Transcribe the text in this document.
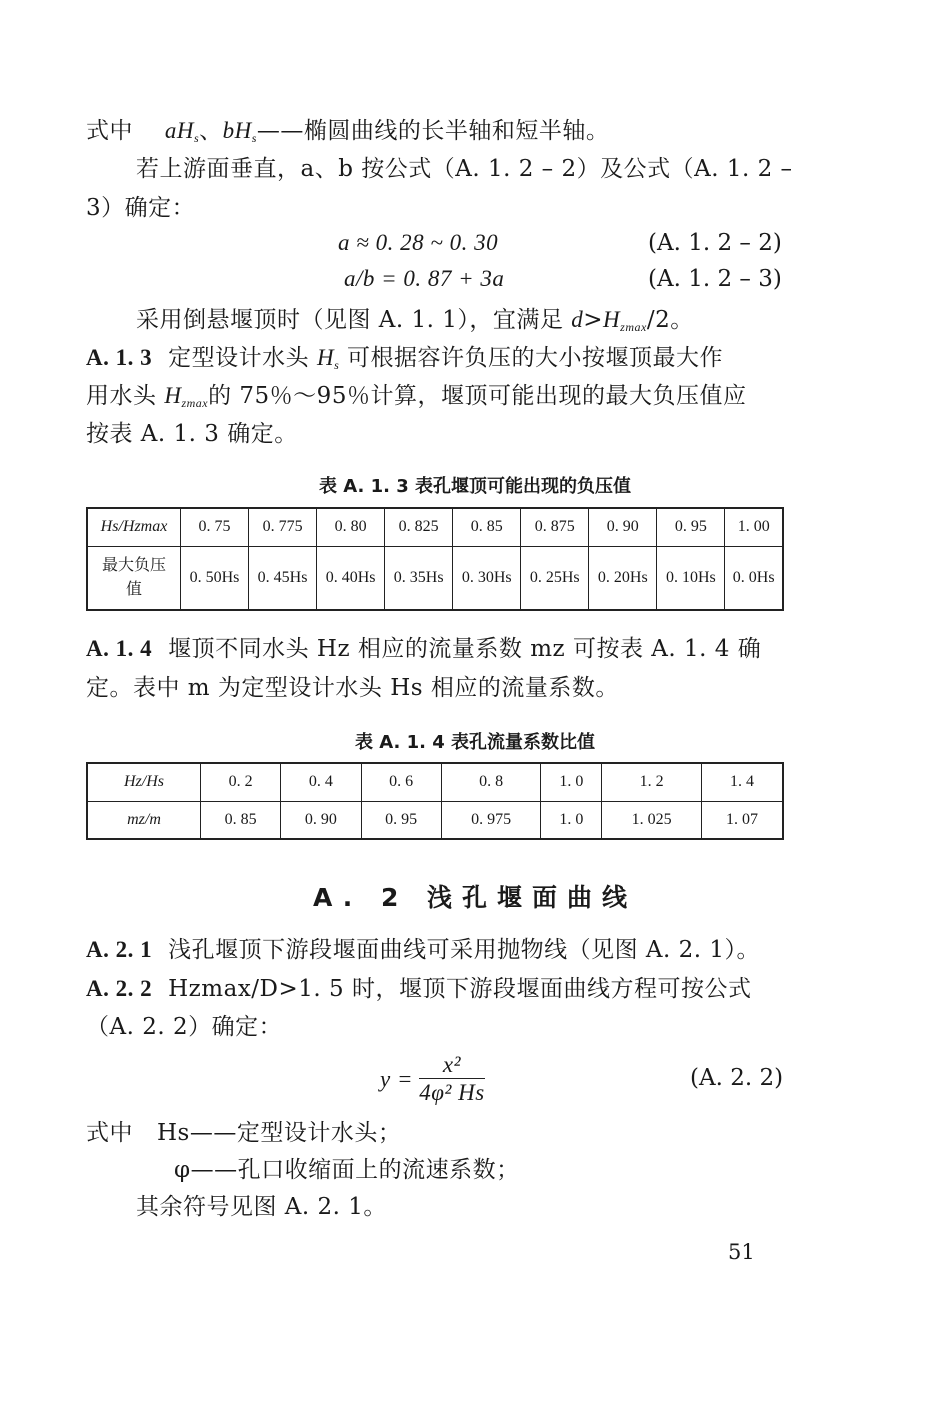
式中 $aH_s$、$bH_s——$椭圆曲线的长半轴和短半轴。
若上游面垂直，a、b 按公式（A. 1. 2 – 2）及公式（A. 1. 2 –
3）确定：
a ≈ 0. 28 ~ 0. 30	(A. 1. 2 – 2)
a/b = 0. 87 + 3a	(A. 1. 2 – 3)
采用倒悬堰顶时（见图 A. 1. 1），宜满足 $d>H_{zmax}/2$。
A. 1. 3 定型设计水头 $H_s$ 可根据容许负压的大小按堰顶最大作
用水头 $H_{zmax}$的 75％～95％计算，堰顶可能出现的最大负压值应
按表 A. 1. 3 确定。
表 A. 1. 3 表孔堰顶可能出现的负压值
Hs/Hzmax	0. 75	0. 775	0. 80	0. 825	0. 85	0. 875	0. 90	0. 95	1. 00
最大负压值	0. 50Hs	0. 45Hs	0. 40Hs	0. 35Hs	0. 30Hs	0. 25Hs	0. 20Hs	0. 10Hs	0. 0Hs
A. 1. 4 堰顶不同水头 Hz 相应的流量系数 mz 可按表 A. 1. 4 确
定。表中 m 为定型设计水头 Hs 相应的流量系数。
表 A. 1. 4 表孔流量系数比值
Hz/Hs	0. 2	0. 4	0. 6	0. 8	1. 0	1. 2	1. 4
mz/m	0. 85	0. 90	0. 95	0. 975	1. 0	1. 025	1. 07
A. 2 浅孔堰面曲线
A. 2. 1 浅孔堰顶下游段堰面曲线可采用抛物线（见图 A. 2. 1）。
A. 2. 2 Hzmax/D>1. 5 时，堰顶下游段堰面曲线方程可按公式
（A. 2. 2）确定：
$y = \frac{\text{x²}}{\text{4φ² Hs}}$	(A. 2. 2)
式中 Hs——定型设计水头；
φ——孔口收缩面上的流速系数；
其余符号见图 A. 2. 1。
51
